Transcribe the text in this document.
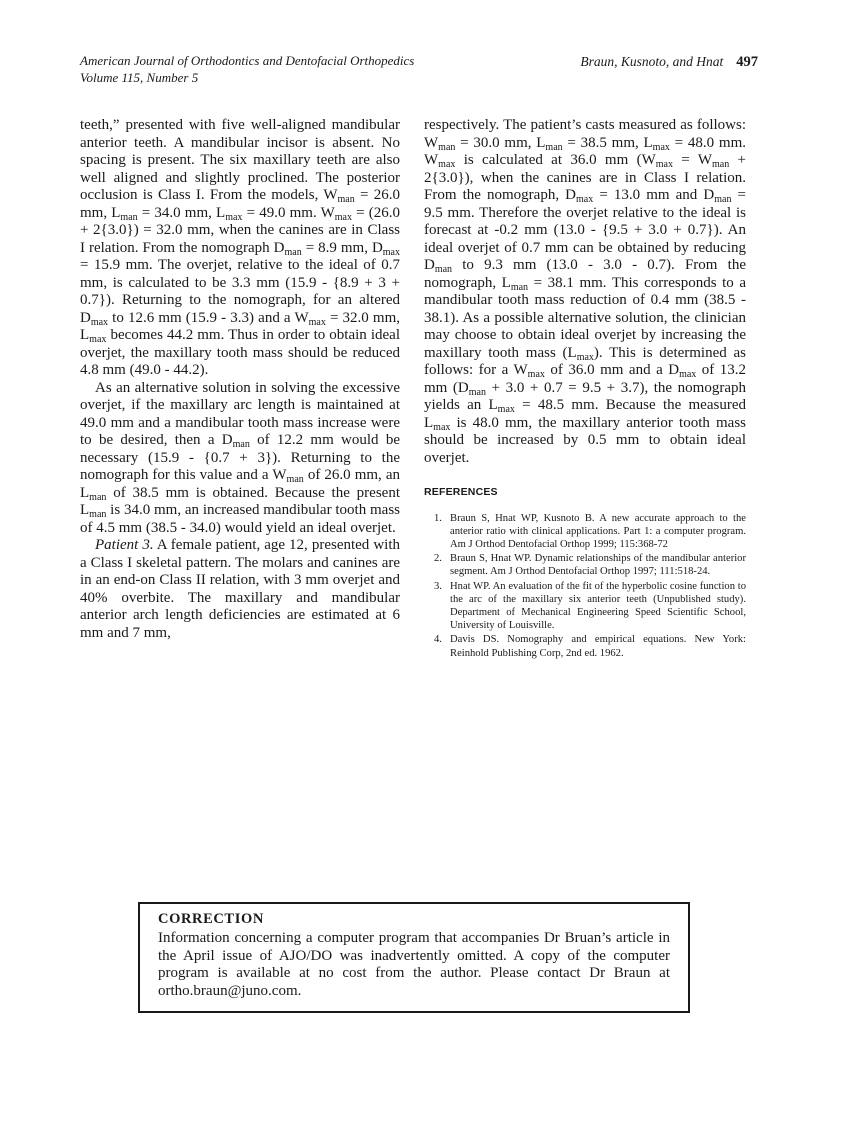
American Journal of Orthodontics and Dentofacial Orthopedics
Volume 115, Number 5
Braun, Kusnoto, and Hnat 497

teeth,” presented with five well-aligned mandibular anterior teeth. A mandibular incisor is absent. No spacing is present. The six maxillary teeth are also well aligned and slightly proclined. The posterior occlusion is Class I. From the models, $W_{man} = 26.0$ mm, $L_{man} = 34.0$ mm, $L_{max} = 49.0$ mm. $W_{max} = (26.0 + 2\{3.0\}) = 32.0$ mm, when the canines are in Class I relation. From the nomograph $D_{man} = 8.9$ mm, $D_{max} = 15.9$ mm. The overjet, relative to the ideal of 0.7 mm, is calculated to be 3.3 mm (15.9 - {8.9 + 3 + 0.7}). Returning to the nomograph, for an altered $D_{max}$ to 12.6 mm (15.9 - 3.3) and a $W_{max} = 32.0$ mm, $L_{max}$ becomes 44.2 mm. Thus in order to obtain ideal overjet, the maxillary tooth mass should be reduced 4.8 mm (49.0 - 44.2).

As an alternative solution in solving the excessive overjet, if the maxillary arc length is maintained at 49.0 mm and a mandibular tooth mass increase were to be desired, then a $D_{man}$ of 12.2 mm would be necessary (15.9 - {0.7 + 3}). Returning to the nomograph for this value and a $W_{man}$ of 26.0 mm, an $L_{man}$ of 38.5 mm is obtained. Because the present $L_{man}$ is 34.0 mm, an increased mandibular tooth mass of 4.5 mm (38.5 - 34.0) would yield an ideal overjet.

Patient 3. A female patient, age 12, presented with a Class I skeletal pattern. The molars and canines are in an end-on Class II relation, with 3 mm overjet and 40% overbite. The maxillary and mandibular anterior arch length deficiencies are estimated at 6 mm and 7 mm,

respectively. The patient’s casts measured as follows: $W_{man} = 30.0$ mm, $L_{man} = 38.5$ mm, $L_{max} = 48.0$ mm. $W_{max}$ is calculated at 36.0 mm $(W_{max} = W_{man} + 2\{3.0\})$, when the canines are in Class I relation. From the nomograph, $D_{max} = 13.0$ mm and $D_{man} = 9.5$ mm. Therefore the overjet relative to the ideal is forecast at -0.2 mm (13.0 - {9.5 + 3.0 + 0.7}). An ideal overjet of 0.7 mm can be obtained by reducing $D_{man}$ to 9.3 mm (13.0 - 3.0 - 0.7). From the nomograph, $L_{man} = 38.1$ mm. This corresponds to a mandibular tooth mass reduction of 0.4 mm (38.5 - 38.1). As a possible alternative solution, the clinician may choose to obtain ideal overjet by increasing the maxillary tooth mass $(L_{max})$. This is determined as follows: for a $W_{max}$ of 36.0 mm and a $D_{max}$ of 13.2 mm $(D_{man} + 3.0 + 0.7 = 9.5 + 3.7)$, the nomograph yields an $L_{max} = 48.5$ mm. Because the measured $L_{max}$ is 48.0 mm, the maxillary anterior tooth mass should be increased by 0.5 mm to obtain ideal overjet.

REFERENCES
1. Braun S, Hnat WP, Kusnoto B. A new accurate approach to the anterior ratio with clinical applications. Part 1: a computer program. Am J Orthod Dentofacial Orthop 1999; 115:368-72
2. Braun S, Hnat WP. Dynamic relationships of the mandibular anterior segment. Am J Orthod Dentofacial Orthop 1997; 111:518-24.
3. Hnat WP. An evaluation of the fit of the hyperbolic cosine function to the arc of the maxillary six anterior teeth (Unpublished study). Department of Mechanical Engineering Speed Scientific School, University of Louisville.
4. Davis DS. Nomography and empirical equations. New York: Reinhold Publishing Corp, 2nd ed. 1962.
CORRECTION
Information concerning a computer program that accompanies Dr Bruan’s article in the April issue of AJO/DO was inadvertently omitted. A copy of the computer program is available at no cost from the author. Please contact Dr Braun at ortho.braun@juno.com.
